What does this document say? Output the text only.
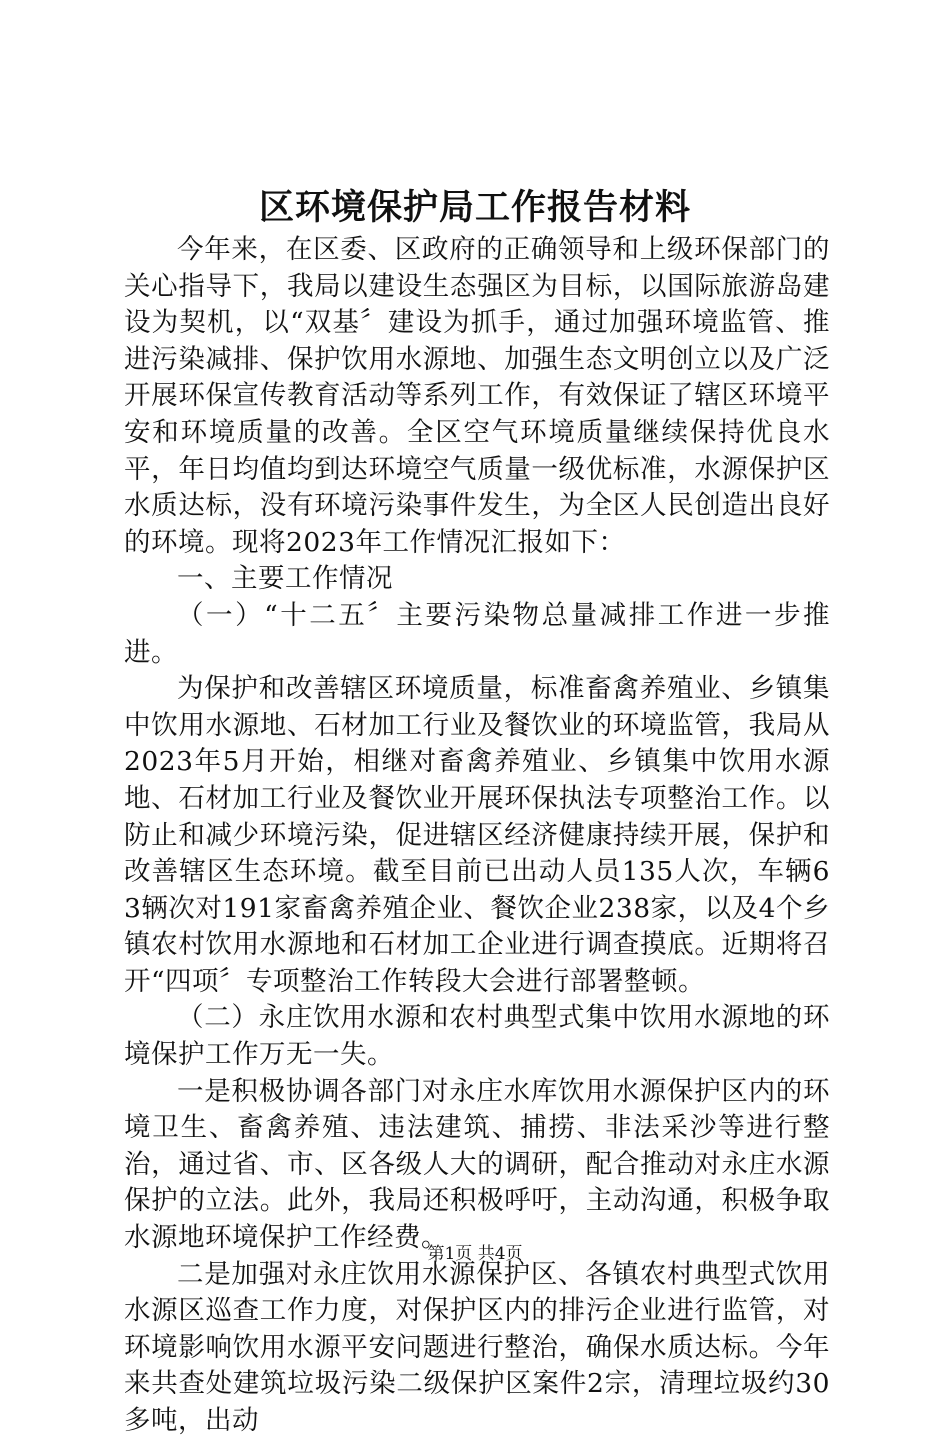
区环境保护局工作报告材料

今年来，在区委、区政府的正确领导和上级环保部门的关心指导下，我局以建设生态强区为目标，以国际旅游岛建设为契机，以“双基〞建设为抓手，通过加强环境监管、推进污染减排、保护饮用水源地、加强生态文明创立以及广泛开展环保宣传教育活动等系列工作，有效保证了辖区环境平安和环境质量的改善。全区空气环境质量继续保持优良水平，年日均值均到达环境空气质量一级优标准，水源保护区水质达标，没有环境污染事件发生，为全区人民创造出良好的环境。现将2023年工作情况汇报如下：

一、主要工作情况

（一）“十二五〞主要污染物总量减排工作进一步推进。

为保护和改善辖区环境质量，标准畜禽养殖业、乡镇集中饮用水源地、石材加工行业及餐饮业的环境监管，我局从2023年5月开始，相继对畜禽养殖业、乡镇集中饮用水源地、石材加工行业及餐饮业开展环保执法专项整治工作。以防止和减少环境污染，促进辖区经济健康持续开展，保护和改善辖区生态环境。截至目前已出动人员135人次，车辆63辆次对191家畜禽养殖企业、餐饮企业238家，以及4个乡镇农村饮用水源地和石材加工企业进行调查摸底。近期将召开“四项〞专项整治工作转段大会进行部署整顿。

（二）永庄饮用水源和农村典型式集中饮用水源地的环境保护工作万无一失。

一是积极协调各部门对永庄水库饮用水源保护区内的环境卫生、畜禽养殖、违法建筑、捕捞、非法采沙等进行整治，通过省、市、区各级人大的调研，配合推动对永庄水源保护的立法。此外，我局还积极呼吁，主动沟通，积极争取水源地环境保护工作经费。

二是加强对永庄饮用水源保护区、各镇农村典型式饮用水源区巡查工作力度，对保护区内的排污企业进行监管，对环境影响饮用水源平安问题进行整治，确保水质达标。今年来共查处建筑垃圾污染二级保护区案件2宗，清理垃圾约30多吨，出动

第1页 共4页
